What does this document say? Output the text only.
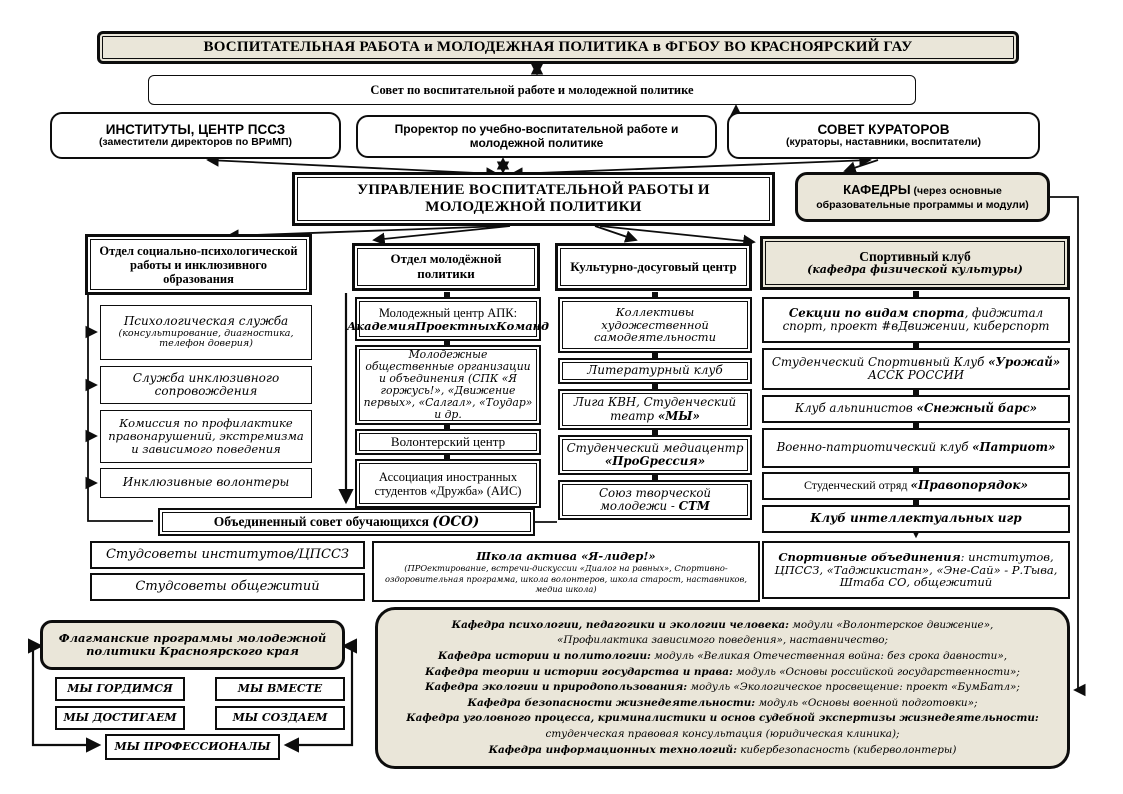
ВОСПИТАТЕЛЬНАЯ РАБОТА и МОЛОДЕЖНАЯ ПОЛИТИКА в ФГБОУ ВО КРАСНОЯРСКИЙ ГАУ
Совет по воспитательной работе и молодежной политике
ИНСТИТУТЫ, ЦЕНТР ПССЗ
(заместители директоров по ВРиМП)
Проректор по учебно-воспитательной работе и молодежной политике
СОВЕТ КУРАТОРОВ
(кураторы, наставники, воспитатели)
УПРАВЛЕНИЕ ВОСПИТАТЕЛЬНОЙ РАБОТЫ И МОЛОДЕЖНОЙ ПОЛИТИКИ
КАФЕДРЫ (через основные образовательные программы и модули)
Отдел социально-психологической работы и инклюзивного образования
Отдел молодёжной политики	Культурно-досуговый центр
Спортивный клуб
(кафедра физической культуры)
Психологическая служба
(консультирование, диагностика, телефон доверия)
Служба инклюзивного сопровождения
Комиссия по профилактике правонарушений, экстремизма и зависимого поведения
Инклюзивные волонтеры
Молодежный центр АПК:
АкадемияПроектныхКоманд
Молодежные общественные организации и объединения (СПК «Я горжусь!», «Движение первых», «Салгал», «Тоудар» и др.
Волонтерский центр
Ассоциация иностранных студентов «Дружба» (АИС)
Коллективы художественной самодеятельности
Литературный клуб
Лига КВН, Студенческий театр «МЫ»
Студенческий медиацентр «ПроGрессия»
Союз творческой молодежи - СТМ
Секции по видам спорта, фиджитал спорт, проект #вДвижении, киберспорт
Студенческий Спортивный Клуб «Урожай» АССК РОССИИ
Клуб альпинистов «Снежный барс»
Военно-патриотический клуб «Патриот»
Студенческий отряд «Правопорядок»
Клуб интеллектуальных игр
Спортивные объединения: институтов, ЦПССЗ, «Таджикистан», «Эне-Сай» - Р.Тыва, Штаба СО, общежитий
Объединенный совет обучающихся (ОСО)
Студсоветы институтов/ЦПССЗ
Студсоветы общежитий
Школа актива «Я-лидер!»
(ПРОектирование, встречи-дискуссии «Диалог на равных», Спортивно-оздоровительная программа, школа волонтеров, школа старост, наставников, медиа школа)
Флагманские программы молодежной политики Красноярского края
МЫ ГОРДИМСЯ	МЫ ВМЕСТЕ
МЫ ДОСТИГАЕМ	МЫ СОЗДАЕМ
МЫ ПРОФЕССИОНАЛЫ
Кафедра психологии, педагогики и экологии человека: модули «Волонтерское движение»,
«Профилактика зависимого поведения», наставничество;
Кафедра истории и политологии: модуль «Великая Отечественная война: без срока давности»,
Кафедра теории и истории государства и права: модуль «Основы российской государственности»;
Кафедра экологии и природопользования: модуль «Экологическое просвещение: проект «БумБатл»;
Кафедра безопасности жизнедеятельности: модуль «Основы военной подготовки»;
Кафедра уголовного процесса, криминалистики и основ судебной экспертизы жизнедеятельности:
студенческая правовая консультация (юридическая клиника);
Кафедра информационных технологий: кибербезопасность (киберволонтеры)
